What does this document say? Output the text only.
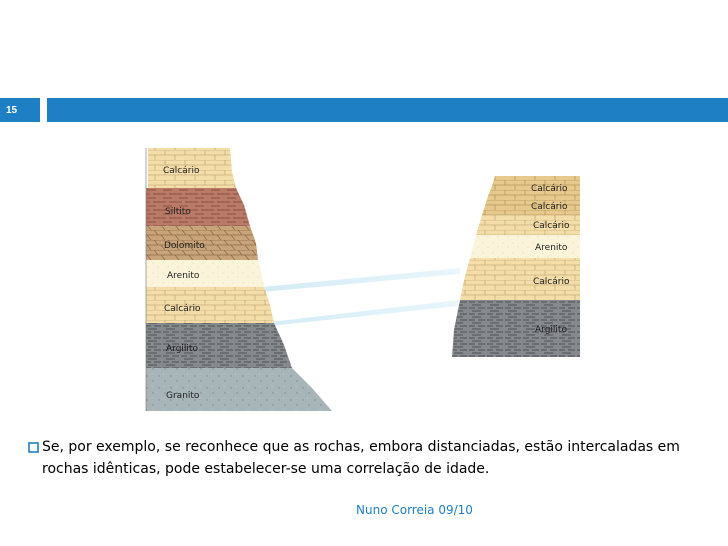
15
Calcário
Siltito
Dolomito
Arenito
Calcário
Argilito
Granito
Calcário
Calcário
Calcário
Arenito
Calcário
Argilito
Se, por exemplo, se reconhece que as rochas, embora distanciadas, estão intercaladas em rochas idênticas, pode estabelecer-se uma correlação de idade.
Nuno Correia 09/10
